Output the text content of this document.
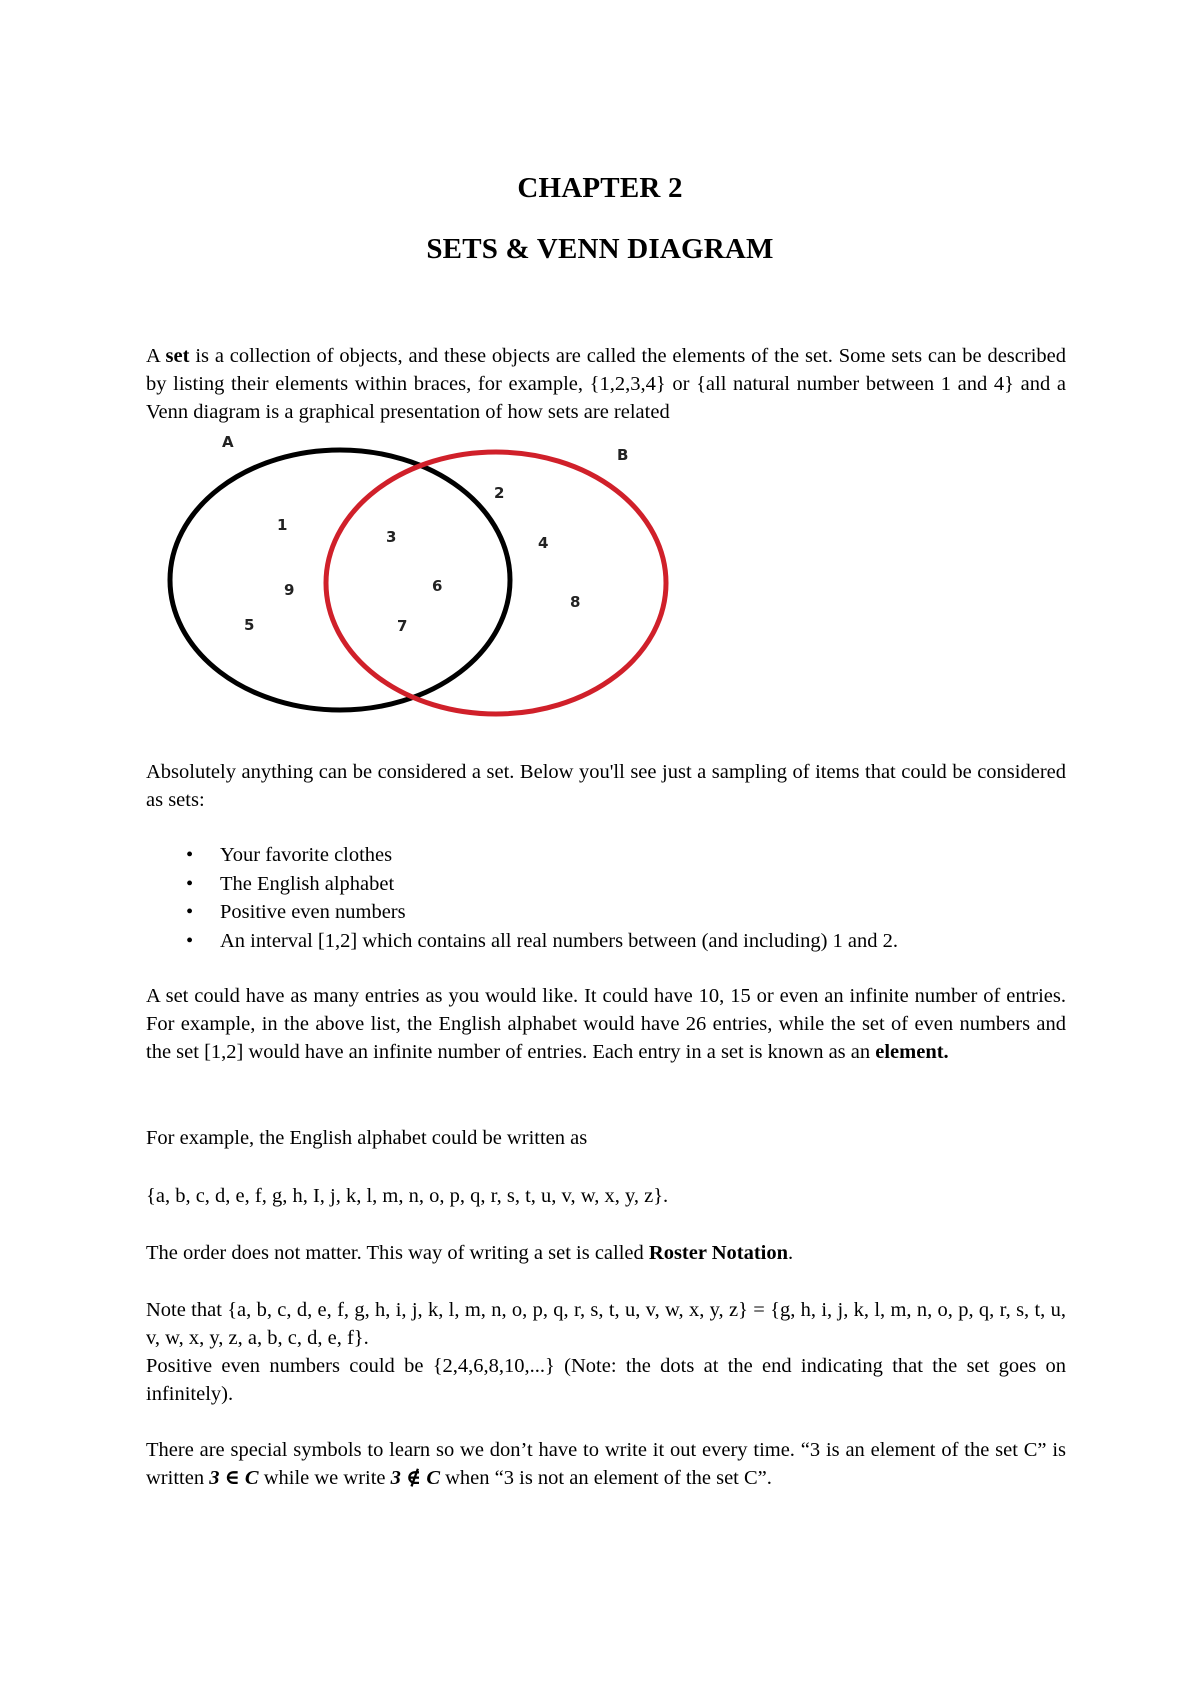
CHAPTER 2
SETS & VENN DIAGRAM

A set is a collection of objects, and these objects are called the elements of the set. Some sets can be described by listing their elements within braces, for example, {1,2,3,4} or {all natural number between 1 and 4} and a Venn diagram is a graphical presentation of how sets are related

A
B
1
9
5
3
6
7
2
4
8

Absolutely anything can be considered a set. Below you'll see just a sampling of items that could be considered as sets:

• Your favorite clothes
• The English alphabet
• Positive even numbers
• An interval [1,2] which contains all real numbers between (and including) 1 and 2.

A set could have as many entries as you would like. It could have 10, 15 or even an infinite number of entries. For example, in the above list, the English alphabet would have 26 entries, while the set of even numbers and the set [1,2] would have an infinite number of entries. Each entry in a set is known as an element.

For example, the English alphabet could be written as

{a, b, c, d, e, f, g, h, I, j, k, l, m, n, o, p, q, r, s, t, u, v, w, x, y, z}.

The order does not matter. This way of writing a set is called Roster Notation.

Note that {a, b, c, d, e, f, g, h, i, j, k, l, m, n, o, p, q, r, s, t, u, v, w, x, y, z} = {g, h, i, j, k, l, m, n, o, p, q, r, s, t, u, v, w, x, y, z, a, b, c, d, e, f}.

Positive even numbers could be {2,4,6,8,10,...} (Note: the dots at the end indicating that the set goes on infinitely).

There are special symbols to learn so we don’t have to write it out every time. “3 is an element of the set C” is written 3 ∈ C while we write 3 ∉ C when “3 is not an element of the set C”.
